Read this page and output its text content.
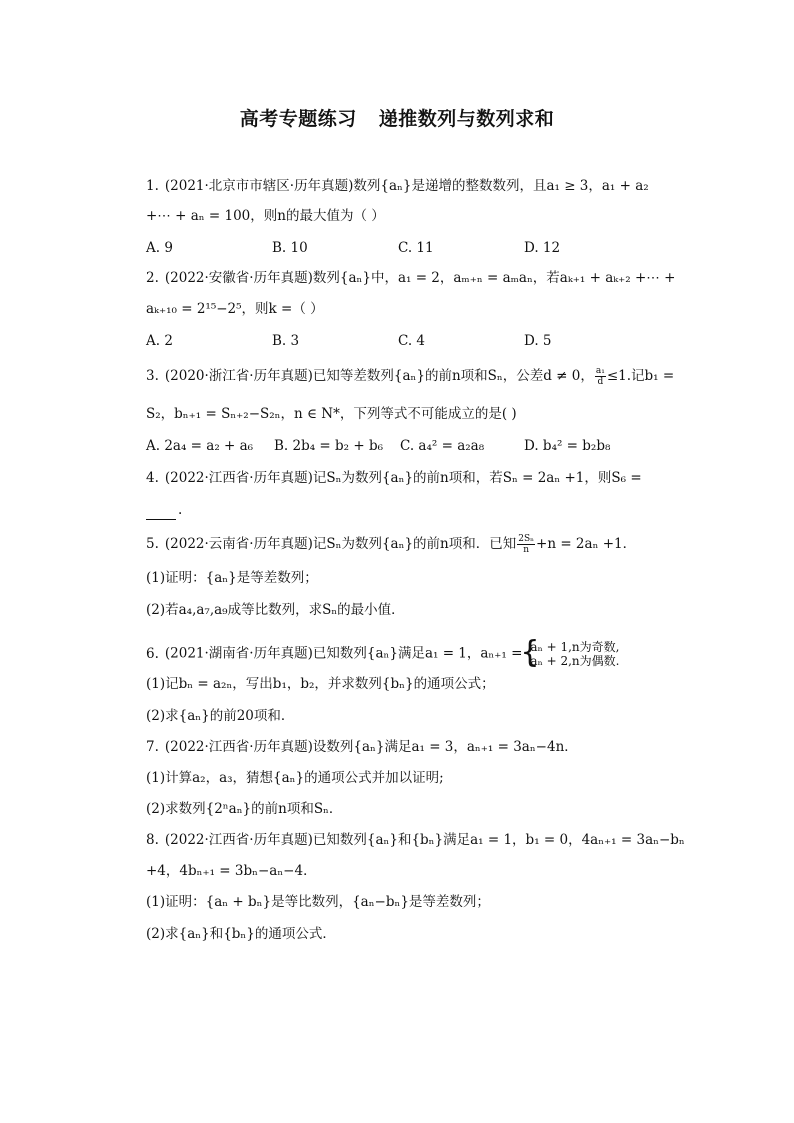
高考专题练习 递推数列与数列求和
1. (2021·北京市市辖区·历年真题)数列{aₙ}是递增的整数数列，且a₁ ≥ 3，a₁ + a₂
+⋯ + aₙ = 100，则n的最大值为（ ）
A. 9	B. 10	C. 11	D. 12
2. (2022·安徽省·历年真题)数列{aₙ}中，a₁ = 2，aₘ₊ₙ = aₘaₙ，若aₖ₊₁ + aₖ₊₂ +⋯ +
aₖ₊₁₀ = 2¹⁵−2⁵，则k =（ ）
A. 2	B. 3	C. 4	D. 5
3. (2020·浙江省·历年真题)已知等差数列{aₙ}的前n项和Sₙ，公差d ≠ 0， $\frac{\text{a₁}}{d} \le 1$.记b₁ =
S₂，bₙ₊₁ = Sₙ₊₂−S₂ₙ，n ∈ N*，下列等式不可能成立的是( )
A. 2a₄ = a₂ + a₆ B. 2b₄ = b₂ + b₆ C. a₄² = a₂a₈	D. b₄² = b₂b₈
4. (2022·江西省·历年真题)记Sₙ为数列{aₙ}的前n项和，若Sₙ = 2aₙ +1，则S₆ =
.
5. (2022·云南省·历年真题)记Sₙ为数列{aₙ}的前n项和．已知 $\frac{\text{2Sₙ}}{n} +n = 2a_n +1$．
(1)证明：{aₙ}是等差数列；
(2)若a₄,a₇,a₉成等比数列，求Sₙ的最小值．
6. (2021·湖南省·历年真题)已知数列{aₙ}满足a₁ = 1，aₙ₊₁ =
{ aₙ + 1,n为奇数,
aₙ + 2,n为偶数.
(1)记bₙ = a₂ₙ，写出b₁，b₂，并求数列{bₙ}的通项公式；
(2)求{aₙ}的前20项和．
7. (2022·江西省·历年真题)设数列{aₙ}满足a₁ = 3，aₙ₊₁ = 3aₙ−4n．
(1)计算a₂，a₃，猜想{aₙ}的通项公式并加以证明;
(2)求数列{2ⁿaₙ}的前n项和Sₙ．
8. (2022·江西省·历年真题)已知数列{aₙ}和{bₙ}满足a₁ = 1，b₁ = 0，4aₙ₊₁ = 3aₙ−bₙ
+4，4bₙ₊₁ = 3bₙ−aₙ−4．
(1)证明：{aₙ + bₙ}是等比数列，{aₙ−bₙ}是等差数列；
(2)求{aₙ}和{bₙ}的通项公式．
